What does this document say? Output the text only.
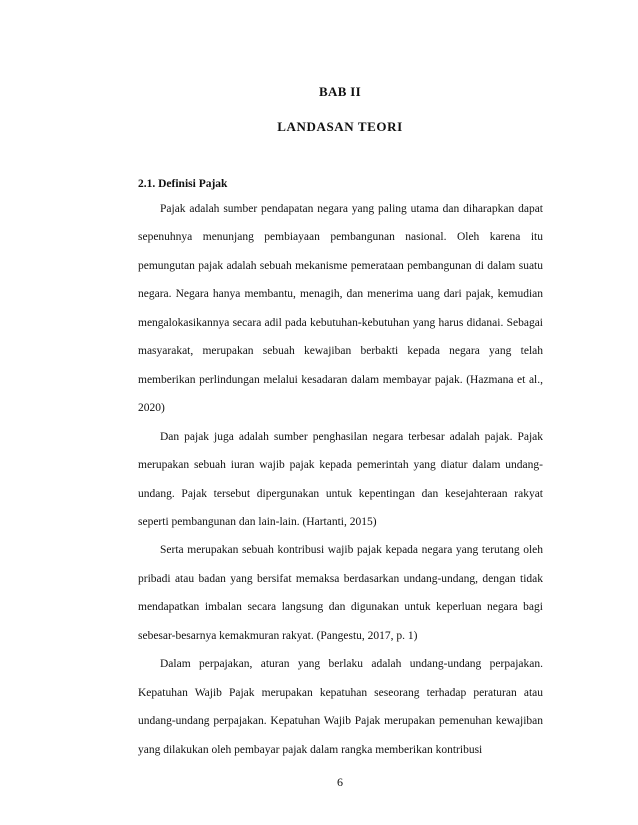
BAB II
LANDASAN TEORI
2.1. Definisi Pajak

Pajak adalah sumber pendapatan negara yang paling utama dan diharapkan dapat sepenuhnya menunjang pembiayaan pembangunan nasional. Oleh karena itu pemungutan pajak adalah sebuah mekanisme pemerataan pembangunan di dalam suatu negara. Negara hanya membantu, menagih, dan menerima uang dari pajak, kemudian mengalokasikannya secara adil pada kebutuhan-kebutuhan yang harus didanai. Sebagai masyarakat, merupakan sebuah kewajiban berbakti kepada negara yang telah memberikan perlindungan melalui kesadaran dalam membayar pajak. (Hazmana et al., 2020)

Dan pajak juga adalah sumber penghasilan negara terbesar adalah pajak. Pajak merupakan sebuah iuran wajib pajak kepada pemerintah yang diatur dalam undang-undang. Pajak tersebut dipergunakan untuk kepentingan dan kesejahteraan rakyat seperti pembangunan dan lain-lain. (Hartanti, 2015)

Serta merupakan sebuah kontribusi wajib pajak kepada negara yang terutang oleh pribadi atau badan yang bersifat memaksa berdasarkan undang-undang, dengan tidak mendapatkan imbalan secara langsung dan digunakan untuk keperluan negara bagi sebesar-besarnya kemakmuran rakyat. (Pangestu, 2017, p. 1)

Dalam perpajakan, aturan yang berlaku adalah undang-undang perpajakan. Kepatuhan Wajib Pajak merupakan kepatuhan seseorang terhadap peraturan atau undang-undang perpajakan. Kepatuhan Wajib Pajak merupakan pemenuhan kewajiban yang dilakukan oleh pembayar pajak dalam rangka memberikan kontribusi

6
